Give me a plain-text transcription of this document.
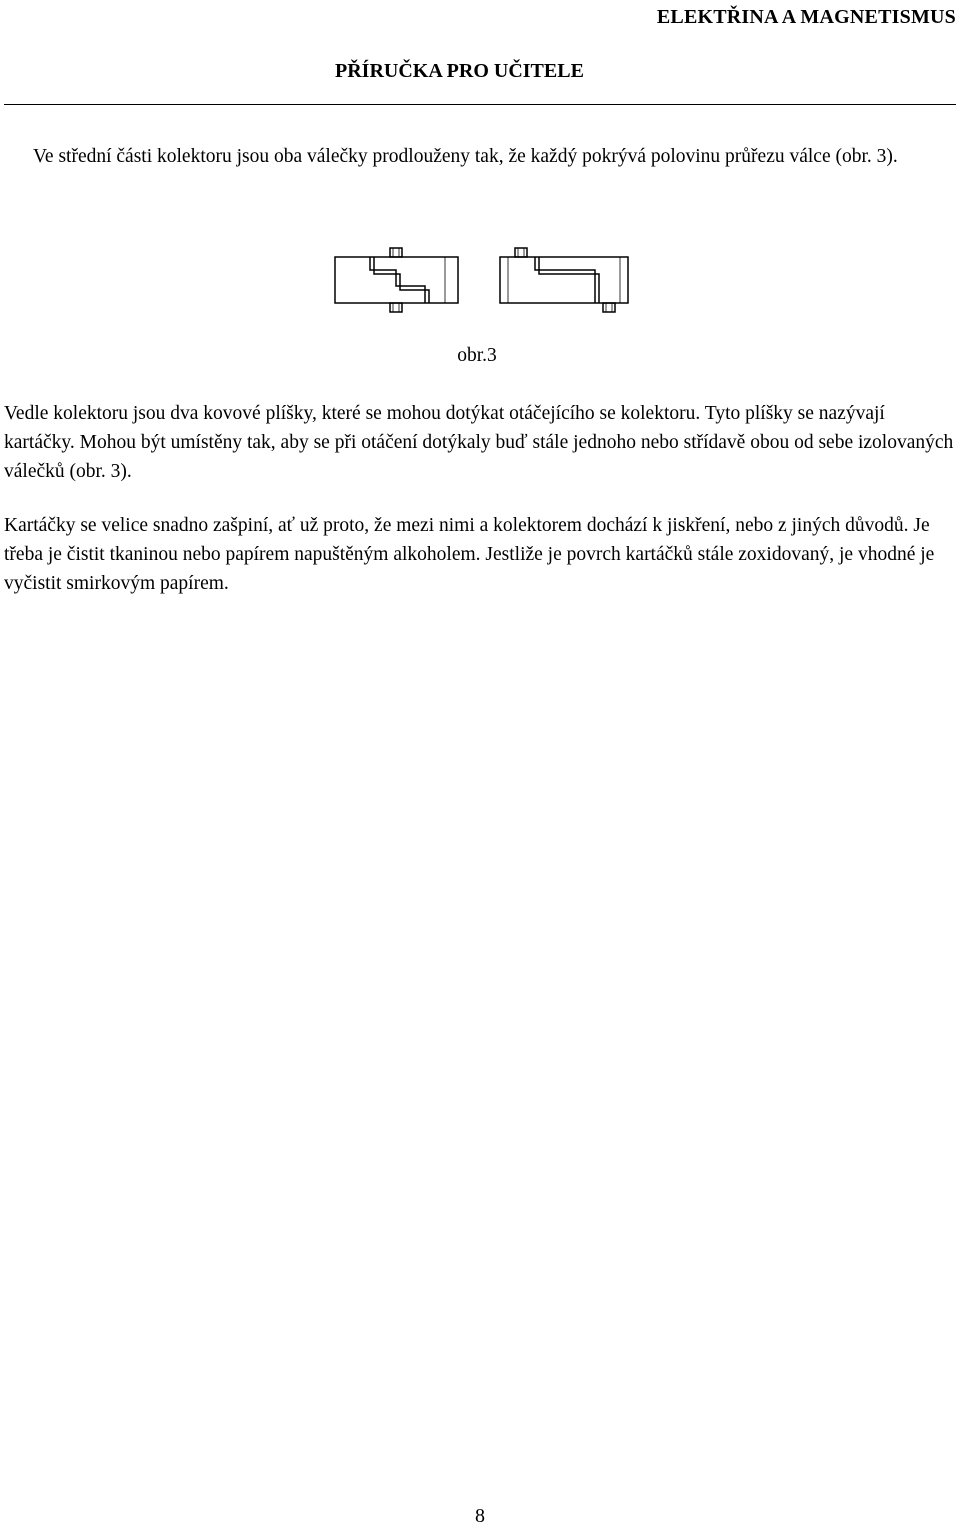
ELEKTŘINA A MAGNETISMUS
PŘÍRUČKA PRO UČITELE

Ve střední části kolektoru jsou oba válečky prodlouženy tak, že každý pokrývá polovinu průřezu válce (obr. 3).

obr.3

Vedle kolektoru jsou dva kovové plíšky, které se mohou dotýkat otáčejícího se kolektoru. Tyto plíšky se nazývají kartáčky. Mohou být umístěny tak, aby se při otáčení dotýkaly buď stále jednoho nebo střídavě obou od sebe izolovaných válečků (obr. 3).

Kartáčky se velice snadno zašpiní, ať už proto, že mezi nimi a kolektorem dochází k jiskření, nebo z jiných důvodů. Je třeba je čistit tkaninou nebo papírem napuštěným alkoholem. Jestliže je povrch kartáčků stále zoxidovaný, je vhodné je vyčistit smirkovým papírem.

8
